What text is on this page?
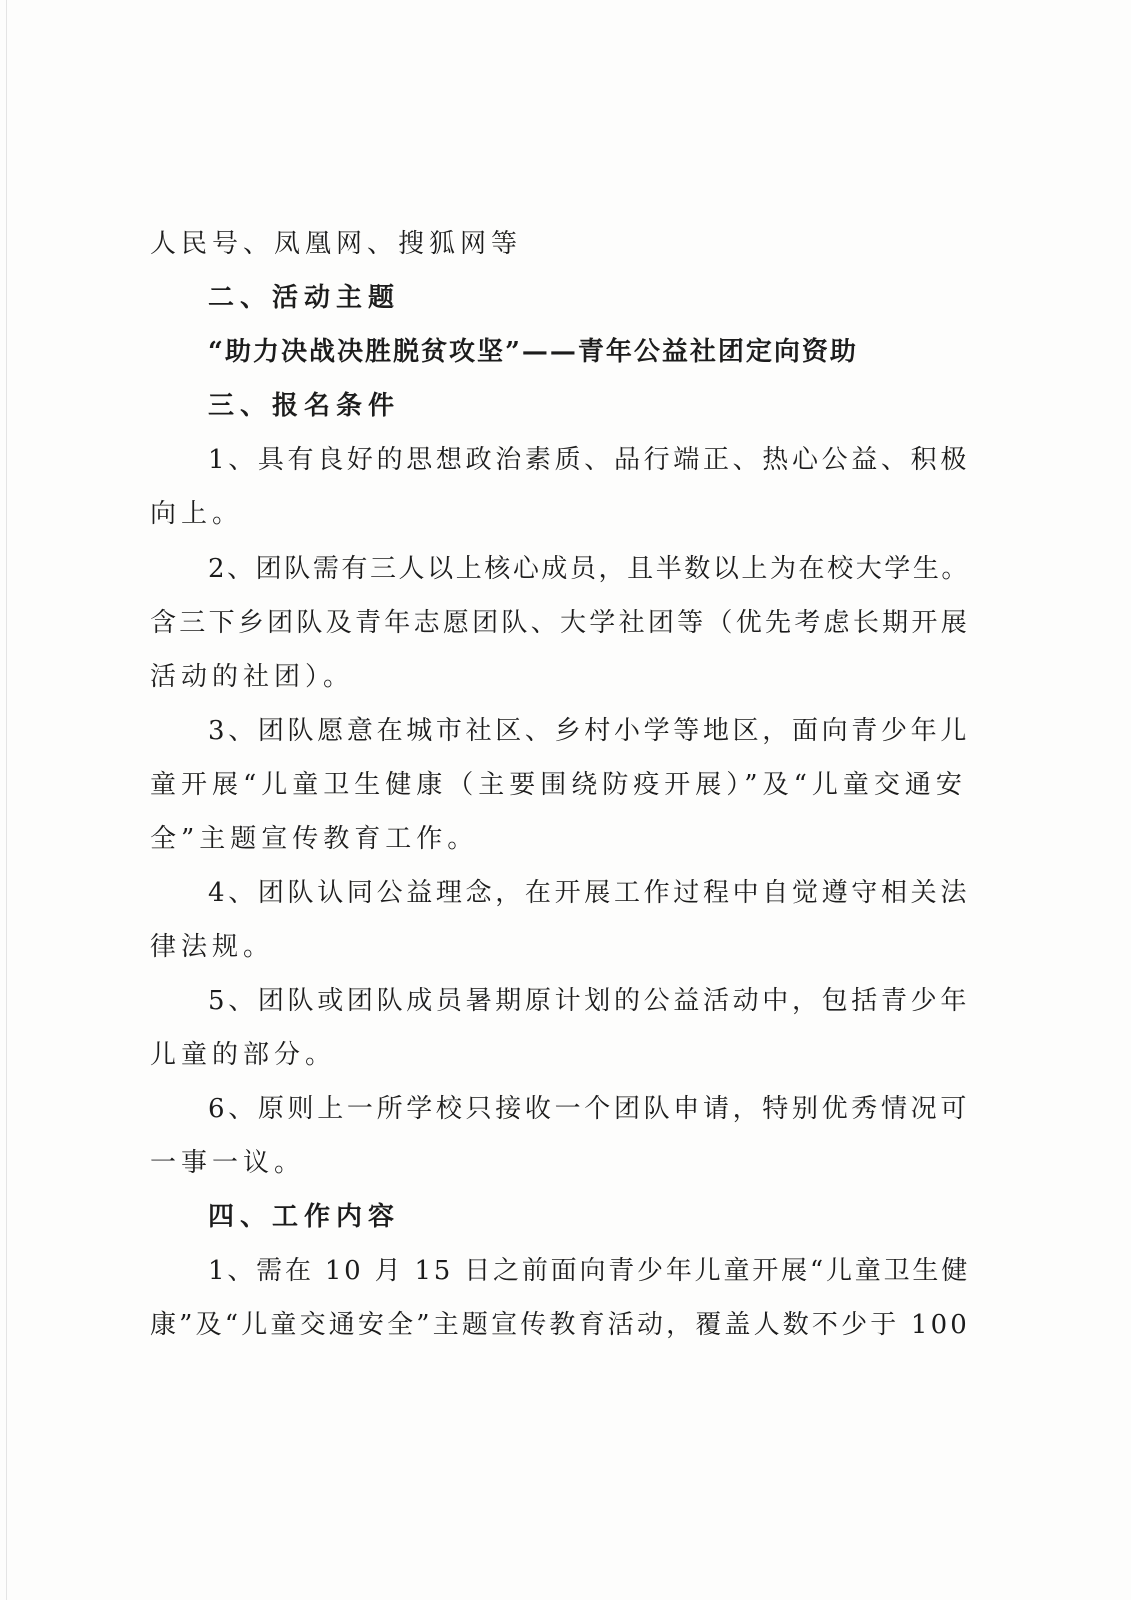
人民号、凤凰网、搜狐网等
二、活动主题
“助力决战决胜脱贫攻坚”——青年公益社团定向资助
三、报名条件
1、具有良好的思想政治素质、品行端正、热心公益、积极
向上。
2、团队需有三人以上核心成员，且半数以上为在校大学生。
含三下乡团队及青年志愿团队、大学社团等（优先考虑长期开展
活动的社团）。
3、团队愿意在城市社区、乡村小学等地区，面向青少年儿
童开展“儿童卫生健康（主要围绕防疫开展）”及“儿童交通安
全”主题宣传教育工作。
4、团队认同公益理念，在开展工作过程中自觉遵守相关法
律法规。
5、团队或团队成员暑期原计划的公益活动中，包括青少年
儿童的部分。
6、原则上一所学校只接收一个团队申请，特别优秀情况可
一事一议。
四、工作内容
1、需在 10 月 15 日之前面向青少年儿童开展“儿童卫生健
康”及“儿童交通安全”主题宣传教育活动，覆盖人数不少于 100
